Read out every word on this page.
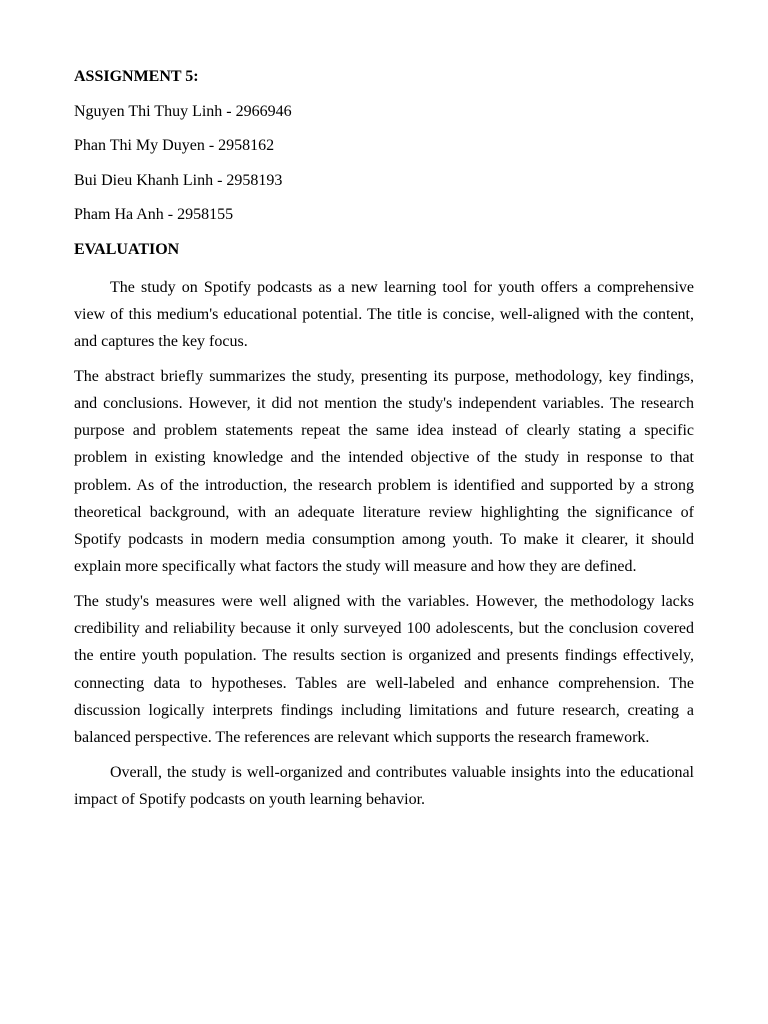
ASSIGNMENT 5:
Nguyen Thi Thuy Linh - 2966946
Phan Thi My Duyen - 2958162
Bui Dieu Khanh Linh - 2958193
Pham Ha Anh - 2958155
EVALUATION

The study on Spotify podcasts as a new learning tool for youth offers a comprehensive view of this medium's educational potential. The title is concise, well-aligned with the content, and captures the key focus.

The abstract briefly summarizes the study, presenting its purpose, methodology, key findings, and conclusions. However, it did not mention the study's independent variables. The research purpose and problem statements repeat the same idea instead of clearly stating a specific problem in existing knowledge and the intended objective of the study in response to that problem. As of the introduction, the research problem is identified and supported by a strong theoretical background, with an adequate literature review highlighting the significance of Spotify podcasts in modern media consumption among youth. To make it clearer, it should explain more specifically what factors the study will measure and how they are defined.

The study's measures were well aligned with the variables. However, the methodology lacks credibility and reliability because it only surveyed 100 adolescents, but the conclusion covered the entire youth population. The results section is organized and presents findings effectively, connecting data to hypotheses. Tables are well-labeled and enhance comprehension. The discussion logically interprets findings including limitations and future research, creating a balanced perspective. The references are relevant which supports the research framework.

Overall, the study is well-organized and contributes valuable insights into the educational impact of Spotify podcasts on youth learning behavior.
